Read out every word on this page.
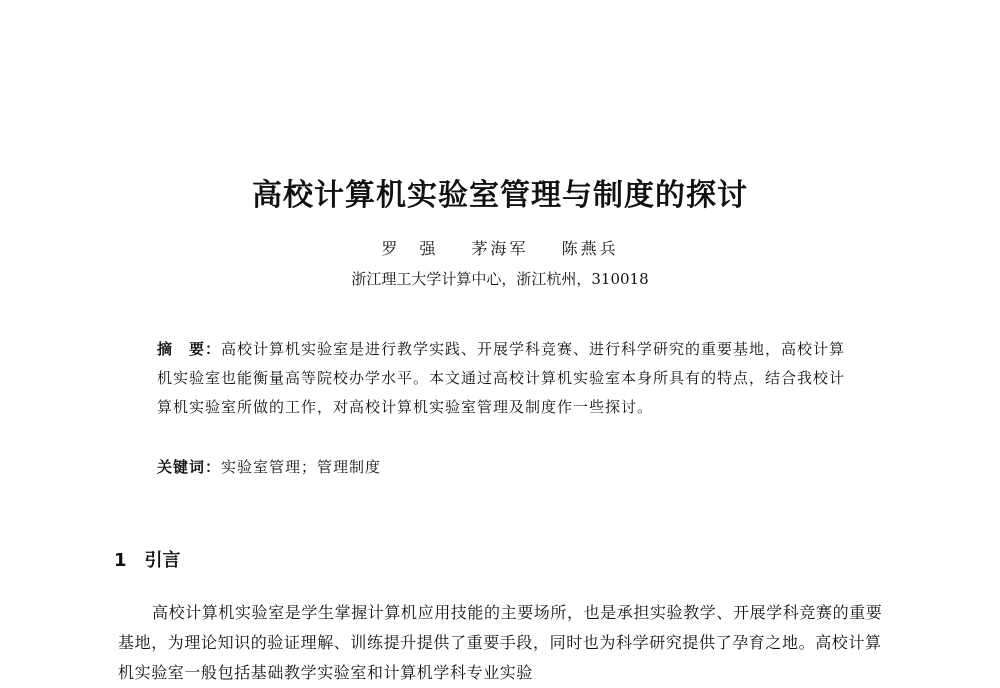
高校计算机实验室管理与制度的探讨
罗　强 茅海军 陈燕兵
浙江理工大学计算中心，浙江杭州，310018
摘　要：高校计算机实验室是进行教学实践、开展学科竞赛、进行科学研究的重要基地，高校计算机实验室也能衡量高等院校办学水平。本文通过高校计算机实验室本身所具有的特点，结合我校计算机实验室所做的工作，对高校计算机实验室管理及制度作一些探讨。
关键词：实验室管理；管理制度
1 引言

高校计算机实验室是学生掌握计算机应用技能的主要场所，也是承担实验教学、开展学科竞赛的重要基地，为理论知识的验证理解、训练提升提供了重要手段，同时也为科学研究提供了孕育之地。高校计算机实验室一般包括基础教学实验室和计算机学科专业实验
